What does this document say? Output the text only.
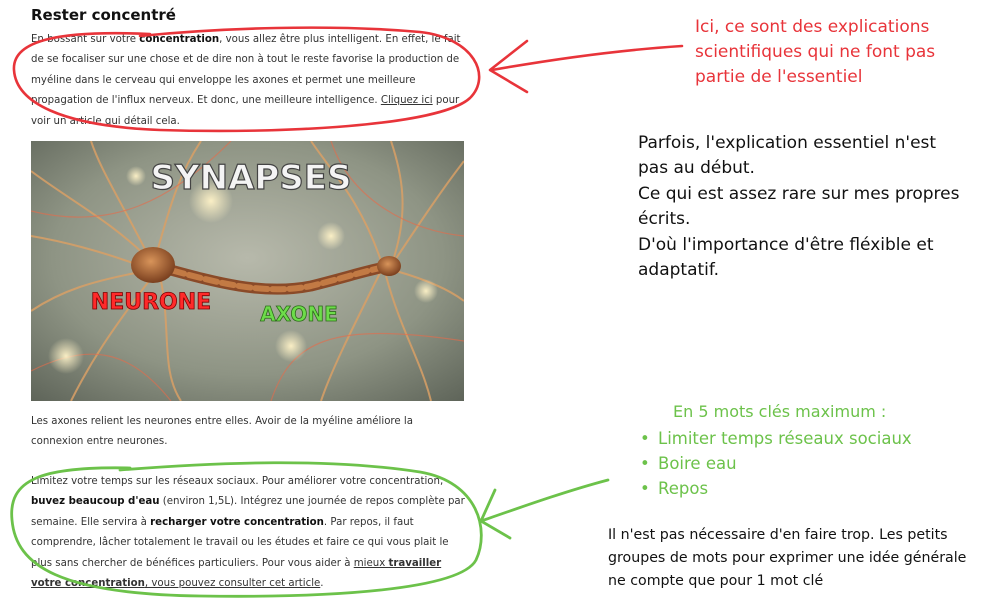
Rester concentré
En bossant sur votre concentration, vous allez être plus intelligent. En effet, le fait de se focaliser sur une chose et de dire non à tout le reste favorise la production de myéline dans le cerveau qui enveloppe les axones et permet une meilleure propagation de l'influx nerveux. Et donc, une meilleure intelligence. Cliquez ici pour voir un article qui détail cela.
SYNAPSES
NEURONE AXONE
Les axones relient les neurones entre elles. Avoir de la myéline améliore la connexion entre neurones.
Limitez votre temps sur les réseaux sociaux. Pour améliorer votre concentration, buvez beaucoup d'eau (environ 1,5L). Intégrez une journée de repos complète par semaine. Elle servira à recharger votre concentration. Par repos, il faut comprendre, lâcher totalement le travail ou les études et faire ce qui vous plait le plus sans chercher de bénéfices particuliers. Pour vous aider à mieux travailler votre concentration, vous pouvez consulter cet article.
Ici, ce sont des explications scientifiques qui ne font pas partie de l'essentiel
Parfois, l'explication essentiel n'est
pas au début.
Ce qui est assez rare sur mes propres
écrits.
D'où l'importance d'être fléxible et
adaptatif.
En 5 mots clés maximum :
• Limiter temps réseaux sociaux
• Boire eau
• Repos
Il n'est pas nécessaire d'en faire trop. Les petits
groupes de mots pour exprimer une idée générale
ne compte que pour 1 mot clé
